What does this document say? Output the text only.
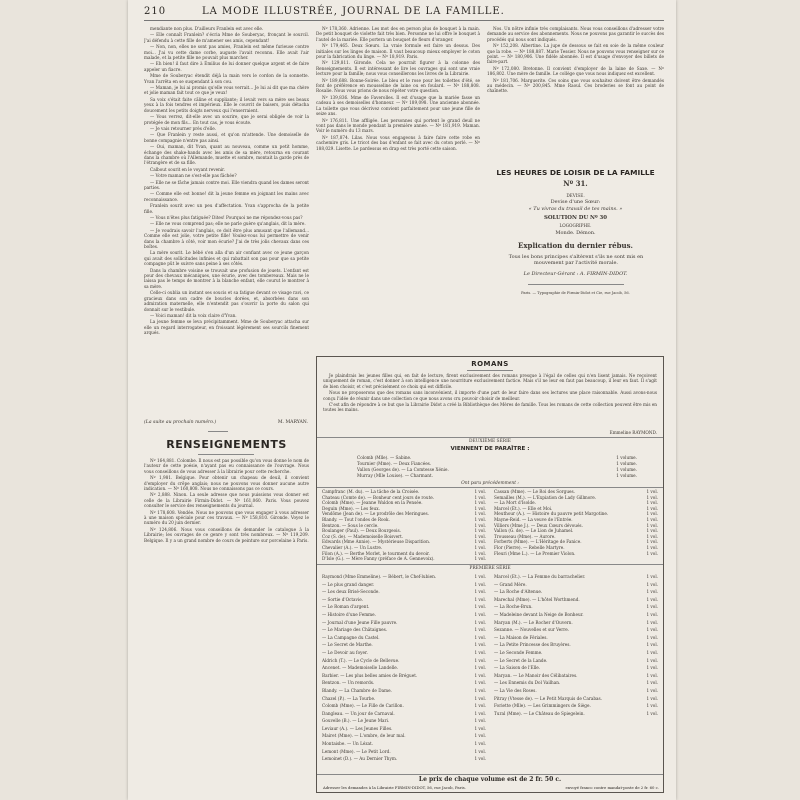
210	LA MODE ILLUSTRÉE, JOURNAL DE LA FAMILLE.

mendiante non plus. D'ailleurs Franlein est avec elle.

— Elle connaît Franlein? s'écria Mme de Souberyac, fronçant le sourcil. J'ai défendu à cette fille de m'amener ses amis, cependant!

— Non, non, elles ne sont pas amies, Franlein est même furieuse contre moi... J'ai vu cette dame corbe, auguste l'avait reconnu. Elle avait l'air malade, et la petite fille ne pouvait plus marcher.

— Eh bien! il faut dire à Émilius de lui donner quelque argent et de faire appeler un fiacre.

Mme de Souberyac étendit déjà la main vers le cordon de la sonnette. Yvan l'arrêta en se suspendant à son cou.

— Maman, je lui ai promis qu'elle vous verrait... Je lui ai dit que ma chère et jolie maman fait tout ce que je veux!

Sa voix s'était faite câline et suppliante; il levait vers sa mère ses beaux yeux à la fois tendres et impérieux. Elle le couvrit de baisers, puis détacha doucement les petits doigts nerveux qui l'enserraient.

— Vous verrez, dit-elle avec un sourire, que je serai obligée de voir la protégée de mon fils... En tout cas, je vous écoute.

— Je vais retourner près d'elle.

— Que Franlein y reste aussi, et qu'on m'attende. Une demoiselle de bonne compagnie n'entre pas ainsi.

— Oui, maman, dit Yvan, quant au nouveau, comme un petit homme, échange des shake-hands avec les amis de sa mère, retourna en courant dans la chambre où l'Allemande, muette et sombre, montait la garde près de l'étrangère et de sa fille.

Calbout sourit en le voyant revenir.

— Votre maman ne s'est-elle pas fâchée?

— Elle ne se fâche jamais contre moi. Elle viendra quand les dames seront parties.

— Comme elle est bonne! dit la jeune femme en joignant les mains avec reconnaissance.

Franlein sourit avec un peu d'affectation. Yvan s'approcha de la petite fille.

— Vous n'êtes plus fatiguée? Dites! Pourquoi ne me répondez-vous pas?

— Elle ne vous comprend pas; elle ne parle guère qu'anglais, dit la mère.

— Je voudrais savoir l'anglais, ce doit être plus amusant que l'allemand... Comme elle est jolie, votre petite fille! Voulez-vous lui permettre de venir dans la chambre à côté, voir mon écurie? J'ai de très jolis chevaux dans ces boîtes.

La mère sourit. Le bébé s'en alla d'un air confiant avec ce jeune garçon qui avait des sollicitudes infinies et qui rabattait son pas pour que sa petite compagne pût le suivre sans peine à ses côtés.

Dans la chambre voisine se trouvait une profusion de jouets. L'enfant est pour des chevaux mécaniques, une écurie, avec des tombereaux. Mais ne le laissa pas le temps de montrer à la blanche enfant, elle courut le montrer à sa mère.

Celle-ci oublia un instant ses soucis et sa fatigue devant ce visage ravi, ce gracieux dans son cadre de boucles dorées, et, absorbées dans son admiration maternelle, elle n'entendit pas s'ouvrir la porte du salon qui donnait sur le vestibule.

— Voici maman! dit la voix claire d'Yvan.

La jeune femme se leva précipitamment. Mme de Souberyac attacha sur elle un regard interrogateur, en froissant légèrement ses sourcils finement arqués.

(La suite au prochain numéro.)	M. MARYAN.
RENSEIGNEMENTS

Nº 164,881. Colombe. Il nous est pas possible qu'on vous donne le nom de l'auteur de cette poésie, n'ayant pas eu connaissance de l'ouvrage. Nous vous conseillons de vous adresser à la librairie pour cette recherche.

Nº 1,981. Belgique. Pour obtenir un chapeau de deuil, il convient d'employer du crêpe anglais; nous ne pouvons vous donner aucune autre indication. — Nº 160,808. Nous ne connaissons pas ce cours.

Nº 2,888. Ninon. La seule adresse que nous puissions vous donner est celle de la Librairie Firmin-Didot. — Nº 161,060. Paris. Vous pouvez consulter le service des renseignements du journal.

Nº 178,608. Vendée. Nous ne pouvons que vous engager à vous adresser à une maison spéciale pour ces travaux. — Nº 158,810. Gironde. Voyez le numéro du 20 juin dernier.

Nº 124,806. Nous vous conseillons de demander le catalogue à la Librairie; les ouvrages de ce genre y sont très nombreux. — Nº 119,209. Belgique. Il y a un grand nombre de cours de peinture sur porcelaine à Paris.

Nº 178,360. Adrienne. Les mot des en person plus de bouquet à la main. De petit bouquet de violette fait très bien. Personne ne lui offre le bouquet à l'autel de la mariée. Elle portera un bouquet de fleurs d'oranger.

Nº 179,465. Deux Sœurs. La vraie formule est faire un dessus. Des initiales sur les linges de maison. Il vaut beaucoup mieux employer le coton pour la fabrication du linge. — Nº 18,919. Paris.

Nº 129,811. Gironde. Cela ne pourrait figurer à la colonne des Renseignements. Il est intéressant de lire les ouvrages qui sont une vraie lecture pour la famille; nous vous conseillerons les livres de la Librairie.

Nº 189,688. Bonne-Soirée. Le bleu et le rose pour les toilettes d'été, se font de préférence en mousseline de laine ou en foulard. — Nº 188,808. Rosalie. Nous vous prions de nous répéter votre question.

Nº 139,836. Mme de Faverolles. Il est d'usage que la mariée fasse un cadeau à ses demoiselles d'honneur. — Nº 189,098. Une ancienne abonnée. La toilette que vous décrivez convient parfaitement pour une jeune fille de seize ans.

Nº 176,811. Une affligée. Les personnes qui portent le grand deuil ne vont pas dans le monde pendant la première année. — Nº 181,919. Maman. Voir le numéro du 13 mars.

Nº 187,874. Lilas. Nous vous engageons à faire faire cette robe en cachemire gris. Le tricot des bas d'enfant se fait avec du coton perlé. — Nº 188,029. Lisette. Le pardessus en drap est très porté cette saison.

Nos. Un nôtre infinie très complaisants. Nous vous conseillons d'adresser votre demande au service des abonnements. Nous ne pouvons pas garantir le succès des procédés qui nous sont indiqués.

Nº 152,208. Albertine. La jupe de dessous se fait en soie de la même couleur que la robe. — Nº 188,887. Marie Tessier. Nous ne pouvons vous renseigner sur ce point. — Nº 180,906. Une fidèle abonnée. Il est d'usage d'envoyer des billets de faire-part.

Nº 172,080. Bretonne. Il convient d'employer de la laine de Saxe. — Nº 186,802. Une mère de famille. Le collège que vous nous indiquez est excellent.

Nº 181,706. Marguerite. Ces soins que vous souhaitez doivent être demandés au médecin. — Nº 200,845. Mme Raoul. Ces broderies se font au point de chaînette.

LES HEURES DE LOISIR DE LA FAMILLE
Nº 31.
DEVISE.
Devise d'une Sœur:
« Tu vivras du travail de tes mains. »
SOLUTION DU Nº 30
LOGOGRIPHE.
Monde. Démon.
Explication du dernier rébus.
Tous les bons principes s'altèrent s'ils ne sont mis en mouvement par l'activité morale.
Le Directeur-Gérant : A. FIRMIN-DIDOT.
Paris. — Typographie de Firmin-Didot et Cie, rue Jacob, 56.
ROMANS

Je plaindrais les jeunes filles qui, en fait de lecture, firent exclusivement des romans presque à l'égal de celles qui n'en lisent jamais. Ne reçoivent uniquement de roman, c'est donner à son intelligence une nourriture exclusivement factice. Mais s'il ne leur en faut pas beaucoup, il leur en faut. Il s'agit de bien choisir, et c'est précisément ce choix qui est difficile.

Nous ne proposerons que des romans sans inconvénient, il importe d'une part de leur faire dans ses lectures une place raisonnable. Aussi avons-nous conçu l'idée de réunir dans une collection ce que nous avons cru pouvoir choisir de meilleur.

C'est afin de répondre à ce but que la Librairie Didot a créé la Bibliothèque des Mères de famille. Tous les romans de cette collection peuvent être mis en toutes les mains.

Emmeline RAYMOND.
DEUXIÈME SÉRIE
VIENNENT DE PARAÎTRE :
Colomb (Mlle). — Sabine.	1 volume.
Tournier (Mme). — Deux Fiancées.	1 volume.
Vallon (Georges de). — La Comtesse Xénie.	1 volume.
Murray (Mlle Louise). — Charmant.	1 volume.
Ont paru précédemment :
Campfranc (M. du). — La tâche de la Croisée.	1 vol.
Chateau (Comte de). — Bonheur cent jours de route.	1 vol.
Colomb (Mme). — Jeanne Waldon en la Pensée.	1 vol.
Deguin (Mme). — Les feux.	1 vol.
Vendôme (Jean de). — Le prodrôle des Meringues.	1 vol.
Blandy. — Tout l'ondes de Rook.	1 vol.
Bentzon. — Sous le cercle.	1 vol.
Boulanger (Paul). — Deux Bourgeois.	1 vol.
Coz (S. de). — Mademoiselle Boisvert.	1 vol.
Edwards (Mme Annie). — Mystérieuse Disparition.	1 vol.
Chevalier (A.). — Un Lustre.	1 vol.
Filon (A.). — Berthe Morlet, le tourment du devoir.	1 vol.
D'Isle (G.). — Mère Fanny (préface de A. Gennevoix).	1 vol.
Cassan (Mme). — Le Roi des Sorgues.	1 vol.
Semailles (M.). — L'Expiation de Lady Gillmore.	1 vol.
— La Mort d'Isolde.	1 vol.
Marcel (Ét.). — Elle et Moi.	1 vol.
Meuthour (A.). — Histoire du pauvre petit Margotine.	1 vol.
Mayne-Reid. — La veuve de l'Entrée.	1 vol.
Villiers (Mme J.). — Deux Cœurs dévoués.	1 vol.
Vallon (G. de). — Le Lion de Juhamel.	1 vol.
Trousseau (Mme). — Aurore.	1 vol.
Forberts (Mme). — L'Héritage de Fanice.	1 vol.
Flor (Pierre). — Rebelle Martyre.	1 vol.
Fleuri (Mme L.). — Le Premier Violon.	1 vol.
PREMIÈRE SÉRIE
Raymond (Mme Emmeline). — Bébert, le Chef-lubien.	1 vol.
— Le plus grand danger.	1 vol.
— Les deux Brisé-Seconde.	1 vol.
— Sortie d'Octavie.	1 vol.
— Le Roman d'argent.	1 vol.
— Histoire d'une Femme.	1 vol.
— Journal d'une Jeune Fille pauvre.	1 vol.
— Le Mariage des Châtaignes.	1 vol.
— La Campagne du Castel.	1 vol.
— Le Secret de Marthe.	1 vol.
— Le Devoir au foyer.	1 vol.
Aldrich (T.). — Le Cycle de Bellevue.	1 vol.
Ancenet. — Mademoiselle Landelle.	1 vol.
Barbier. — Les plus belles amies de Bréguet.	1 vol.
Bentzon. — Un remords.	1 vol.
Blandy. — La Chambre de Dame.	1 vol.
Chazel (P.). — La Tourbe.	1 vol.
Colomb (Mme). — Le Fille de Carillon.	1 vol.
Dangleau. — Un jour de Carnaval.	1 vol.
Gouvelle (B.). — Le Jeune Mari.	1 vol.
Leviaur (A.). — Les Jeunes Filles.	1 vol.
Mairet (Mme). — L'ombre, de leur mal.	1 vol.
Montaisbe. — Un Lézat.	1 vol.
Lemont (Mme). — Le Petit Lord.	1 vol.
Lemoinet (D.). — Au Dernier Thym.	1 vol.
Marcel (Et.). — La Femme du barrachelier.	1 vol.
— Grand Mère.	1 vol.
— La Roche d'Altenue.	1 vol.
Marechal (Mme). — L'hôtel Worthmend.	1 vol.
— La Roche-Brun.	1 vol.
— Madeleine devant la Neige de Bonheur.	1 vol.
Maryan (M.). — Le Rocher d'Ouvern.	1 vol.
Sezanne. — Nouvelles et sur Verre.	1 vol.
— La Maison de Fériales.	1 vol.
— La Petite Princesse des Bruyères.	1 vol.
— Le Seconde Femme.	1 vol.
— Le Secret de la Lande.	1 vol.
— La Saison de l'Elle.	1 vol.
Maryan. — Le Manoir des Célibataires.	1 vol.
— Les Ennemis du Dol Vailhan.	1 vol.
— La Vie des Roses.	1 vol.
Pitray (Vtesse de). — Le Petit Marquis de Carabas.	1 vol.
Foriette (Mlle). — Les Grimmingers de Siège.	1 vol.
Tural (Mme). — Le Château de Spiegelein.	1 vol.
Le prix de chaque volume est de 2 fr. 50 c.
Adresser les demandes à la Librairie FIRMIN-DIDOT, 56, rue Jacob, Paris.	envoyé franco contre mandat-poste de 2 fr. 60 c.
